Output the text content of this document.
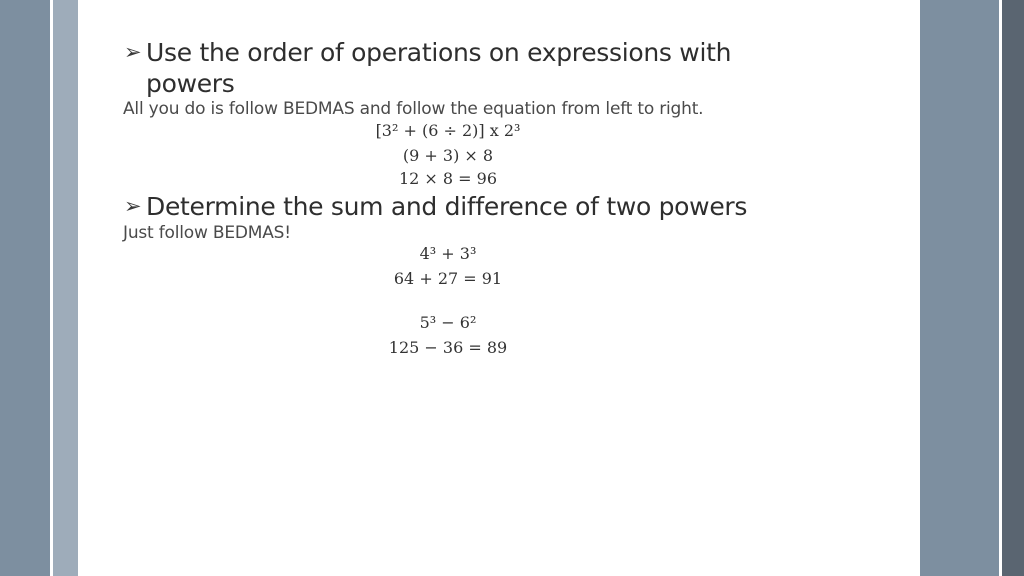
➢ Use the order of operations on expressions with powers
All you do is follow BEDMAS and follow the equation from left to right.
[3² + (6 ÷ 2)] x 2³
(9 + 3) × 8
12 × 8 = 96
➢ Determine the sum and difference of two powers
Just follow BEDMAS!
4³ + 3³
64 + 27 = 91
5³ − 6²
125 − 36 = 89
